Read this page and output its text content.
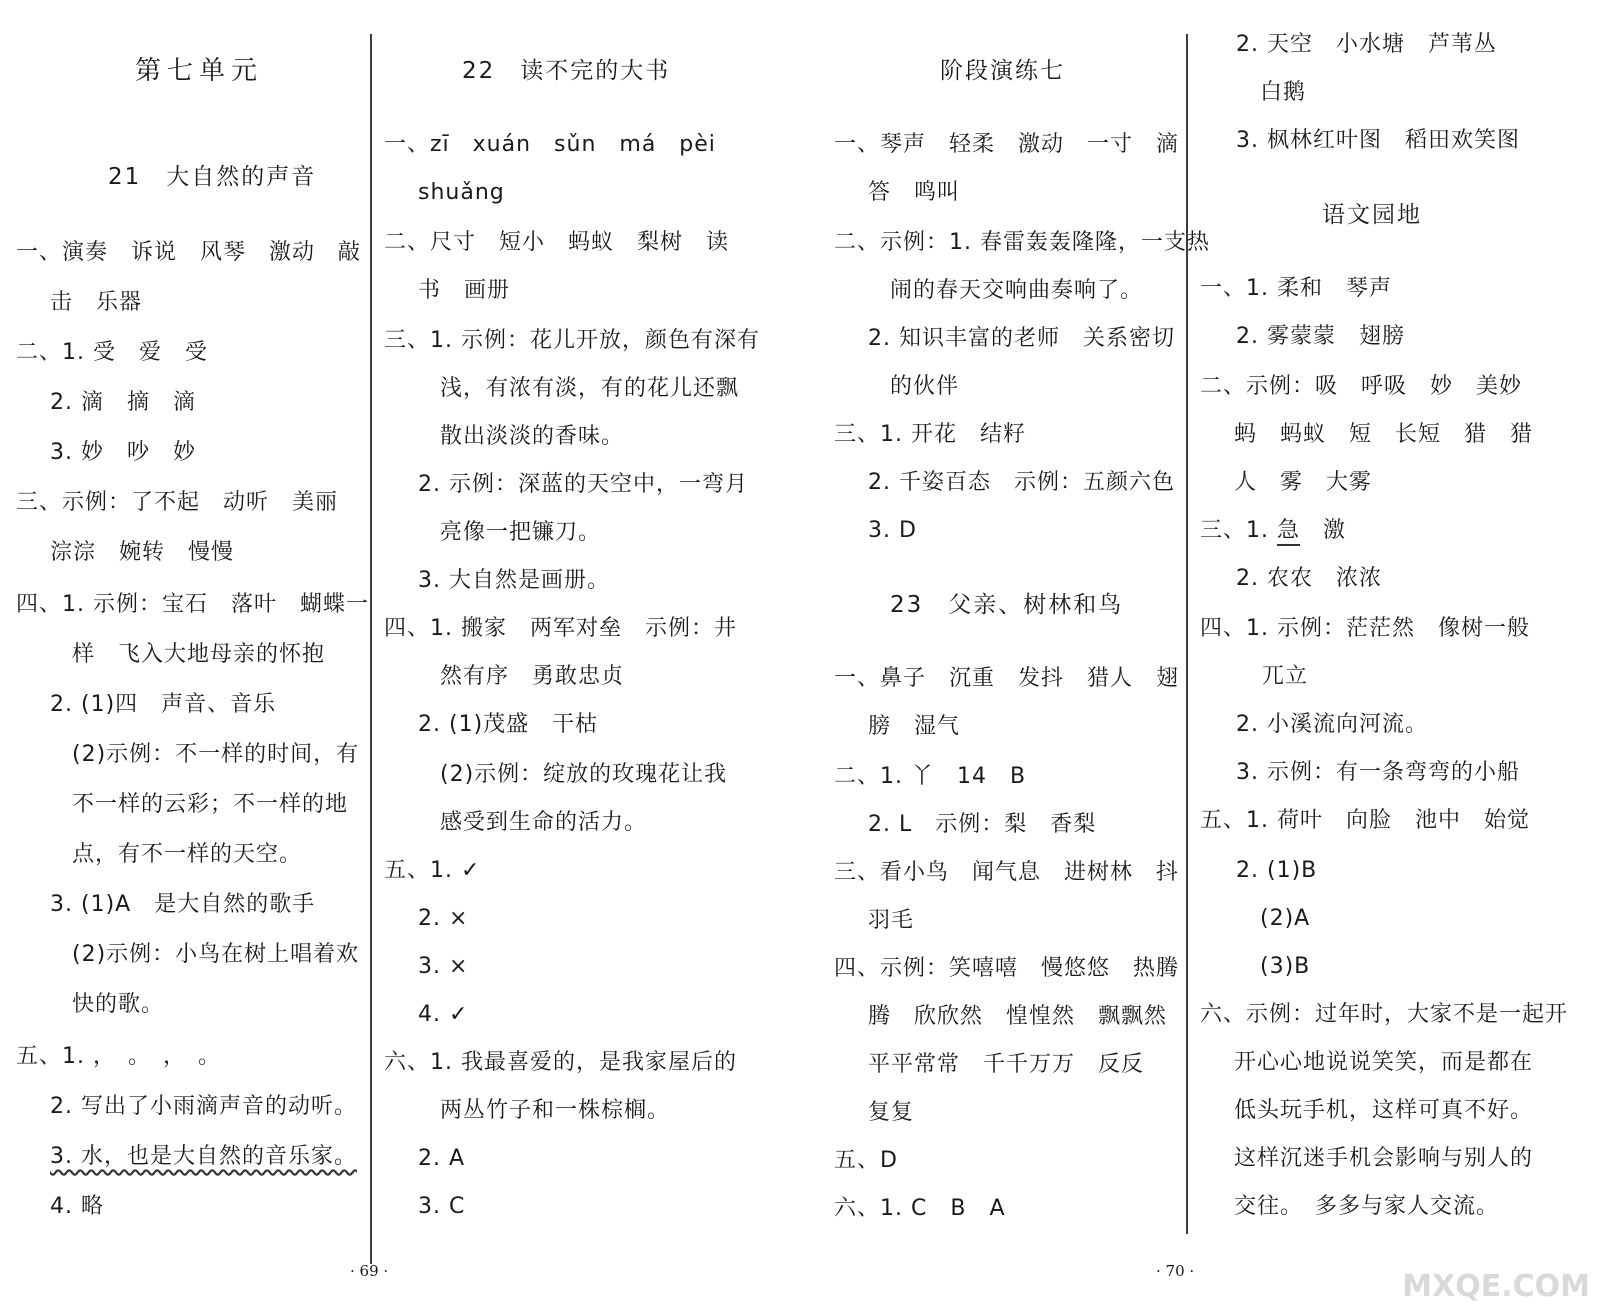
第七单元
21　大自然的声音
一、演奏　诉说　风琴　激动　敲
击　乐器
二、1. 受　爱　受
2. 滴　摘　滴
3. 妙　吵　妙
三、示例：了不起　动听　美丽
淙淙　婉转　慢慢
四、1. 示例：宝石　落叶　蝴蝶一
样　飞入大地母亲的怀抱
2. (1)四　声音、音乐
(2)示例：不一样的时间，有
不一样的云彩；不一样的地
点，有不一样的天空。
3. (1)A　是大自然的歌手
(2)示例：小鸟在树上唱着欢
快的歌。
五、1. ，　。　，　。
2. 写出了小雨滴声音的动听。
3. 水，也是大自然的音乐家。
4. 略
22　读不完的大书
一、zī　xuán　sǔn　má　pèi
shuǎng
二、尺寸　短小　蚂蚁　梨树　读
书　画册
三、1. 示例：花儿开放，颜色有深有
浅，有浓有淡，有的花儿还飘
散出淡淡的香味。
2. 示例：深蓝的天空中，一弯月
亮像一把镰刀。
3. 大自然是画册。
四、1. 搬家　两军对垒　示例：井
然有序　勇敢忠贞
2. (1)茂盛　干枯
(2)示例：绽放的玫瑰花让我
感受到生命的活力。
五、1. ✓
2. ×
3. ×
4. ✓
六、1. 我最喜爱的，是我家屋后的
两丛竹子和一株棕榈。
2. A
3. C
· 69 ·
阶段演练七
一、琴声　轻柔　激动　一寸　滴
答　鸣叫
二、示例：1. 春雷轰轰隆隆，一支热
闹的春天交响曲奏响了。
2. 知识丰富的老师　关系密切
的伙伴
三、1. 开花　结籽
2. 千姿百态　示例：五颜六色
3. D
23　父亲、树林和鸟
一、鼻子　沉重　发抖　猎人　翅
膀　湿气
二、1. 丫　14　B
2. L　示例：梨　香梨
三、看小鸟　闻气息　进树林　抖
羽毛
四、示例：笑嘻嘻　慢悠悠　热腾
腾　欣欣然　惶惶然　飘飘然
平平常常　千千万万　反反
复复
五、D
六、1. C　B　A
2. 天空　小水塘　芦苇丛
白鹅
3. 枫林红叶图　稻田欢笑图
语文园地
一、1. 柔和　琴声
2. 雾蒙蒙　翅膀
二、示例：吸　呼吸　妙　美妙
蚂　蚂蚁　短　长短　猎　猎
人　雾　大雾
三、1. 急　激
2. 农农　浓浓
四、1. 示例：茫茫然　像树一般
兀立
2. 小溪流向河流。
3. 示例：有一条弯弯的小船
五、1. 荷叶　向脸　池中　始觉
2. (1)B
(2)A
(3)B
六、示例：过年时，大家不是一起开
开心心地说说笑笑，而是都在
低头玩手机，这样可真不好。
这样沉迷手机会影响与别人的
交往。　多多与家人交流。
· 70 ·	MXQE.COM
